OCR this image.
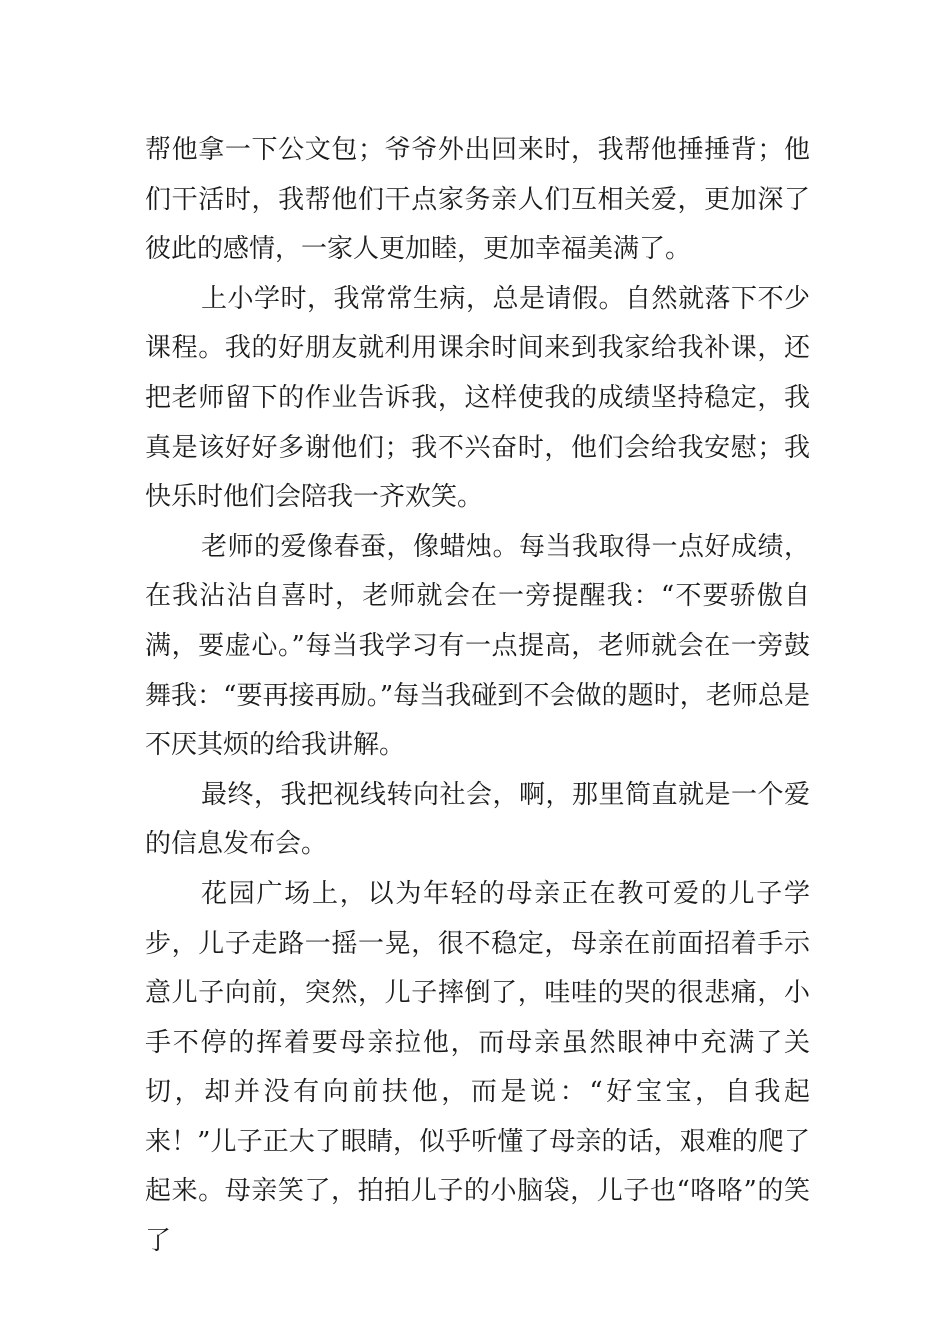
帮他拿一下公文包；爷爷外出回来时，我帮他捶捶背；他们干活时，我帮他们干点家务亲人们互相关爱，更加深了彼此的感情，一家人更加睦，更加幸福美满了。

上小学时，我常常生病，总是请假。自然就落下不少课程。我的好朋友就利用课余时间来到我家给我补课，还把老师留下的作业告诉我，这样使我的成绩坚持稳定，我真是该好好多谢他们；我不兴奋时，他们会给我安慰；我快乐时他们会陪我一齐欢笑。

老师的爱像春蚕，像蜡烛。每当我取得一点好成绩，在我沾沾自喜时，老师就会在一旁提醒我：“不要骄傲自满，要虚心。”每当我学习有一点提高，老师就会在一旁鼓舞我：“要再接再励。”每当我碰到不会做的题时，老师总是不厌其烦的给我讲解。

最终，我把视线转向社会，啊，那里简直就是一个爱的信息发布会。

花园广场上，以为年轻的母亲正在教可爱的儿子学步，儿子走路一摇一晃，很不稳定，母亲在前面招着手示意儿子向前，突然，儿子摔倒了，哇哇的哭的很悲痛，小手不停的挥着要母亲拉他，而母亲虽然眼神中充满了关切，却并没有向前扶他，而是说：“好宝宝，自我起来！”儿子正大了眼睛，似乎听懂了母亲的话，艰难的爬了起来。母亲笑了，拍拍儿子的小脑袋，儿子也“咯咯”的笑了
